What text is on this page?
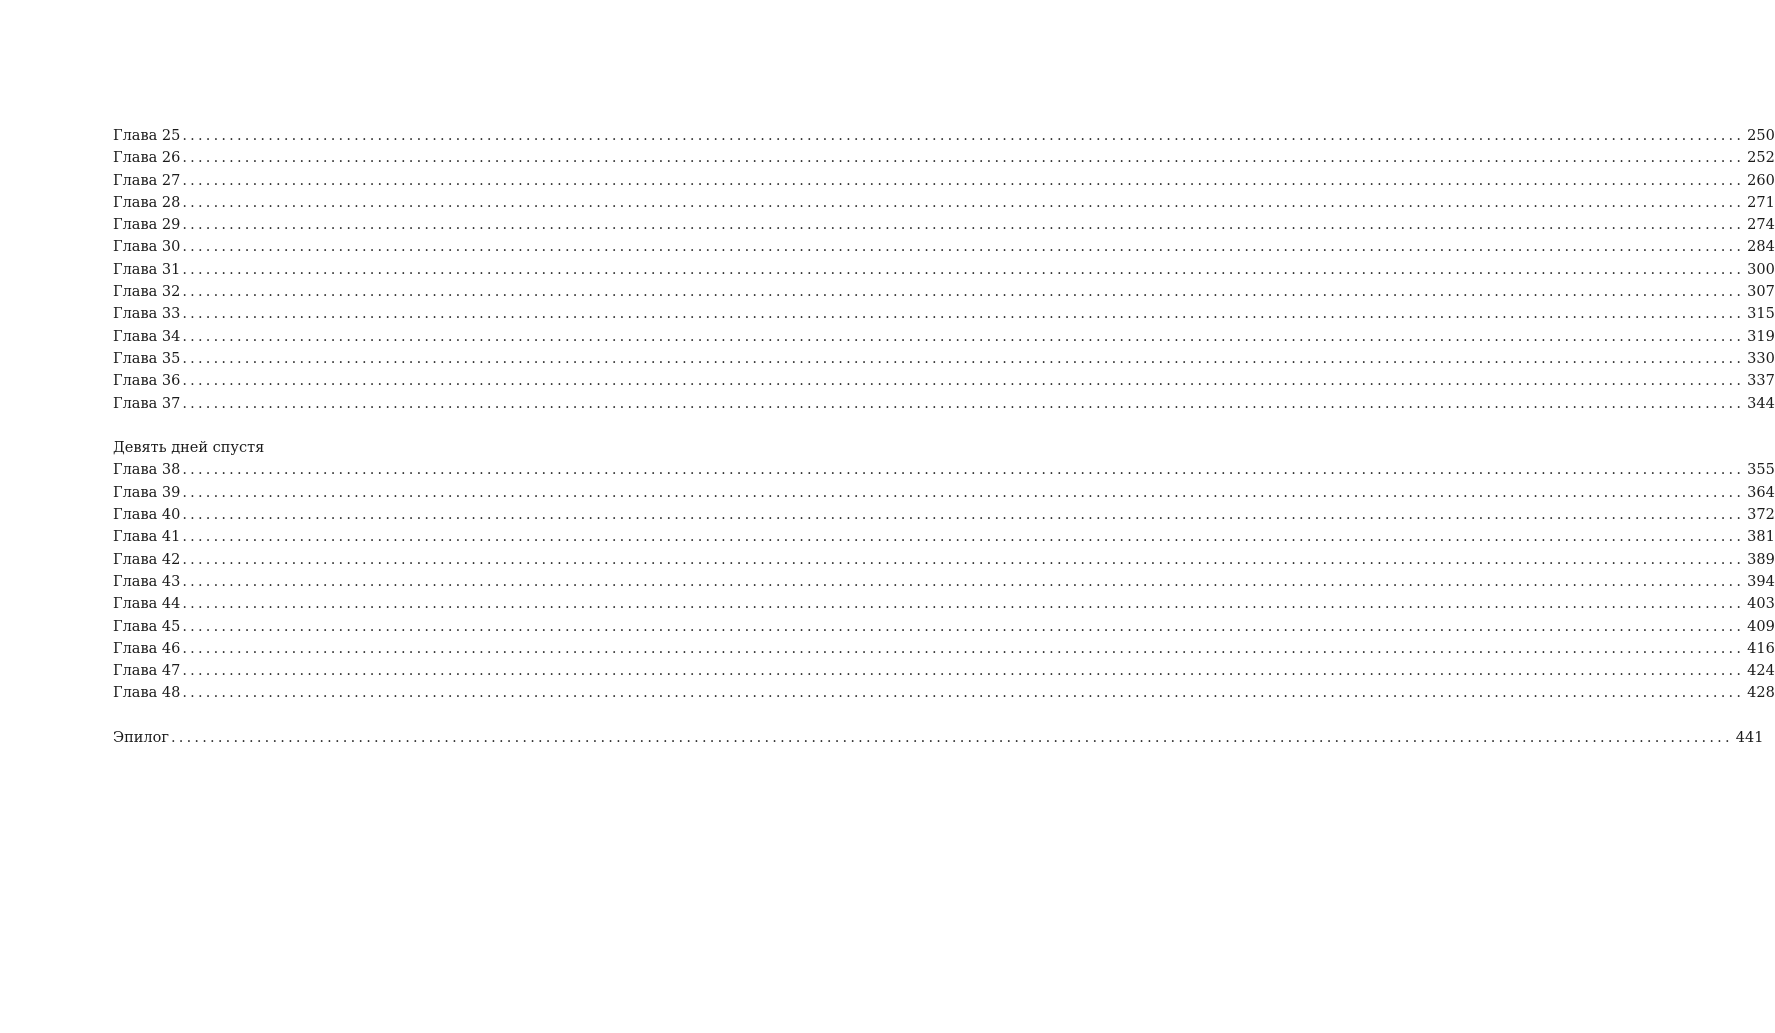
Глава 25 ........................................................................................................................................................................................................ 250
Глава 26 ........................................................................................................................................................................................................ 252
Глава 27 ........................................................................................................................................................................................................ 260
Глава 28 ........................................................................................................................................................................................................ 271
Глава 29 ........................................................................................................................................................................................................ 274
Глава 30 ........................................................................................................................................................................................................ 284
Глава 31 ........................................................................................................................................................................................................ 300
Глава 32 ........................................................................................................................................................................................................ 307
Глава 33 ........................................................................................................................................................................................................ 315
Глава 34 ........................................................................................................................................................................................................ 319
Глава 35 ........................................................................................................................................................................................................ 330
Глава 36 ........................................................................................................................................................................................................ 337
Глава 37 ........................................................................................................................................................................................................ 344
Девять дней спустя
Глава 38 ........................................................................................................................................................................................................ 355
Глава 39 ........................................................................................................................................................................................................ 364
Глава 40 ........................................................................................................................................................................................................ 372
Глава 41 ........................................................................................................................................................................................................ 381
Глава 42 ........................................................................................................................................................................................................ 389
Глава 43 ........................................................................................................................................................................................................ 394
Глава 44 ........................................................................................................................................................................................................ 403
Глава 45 ........................................................................................................................................................................................................ 409
Глава 46 ........................................................................................................................................................................................................ 416
Глава 47 ........................................................................................................................................................................................................ 424
Глава 48 ........................................................................................................................................................................................................ 428
Эпилог ........................................................................................................................................................................................................ 441
